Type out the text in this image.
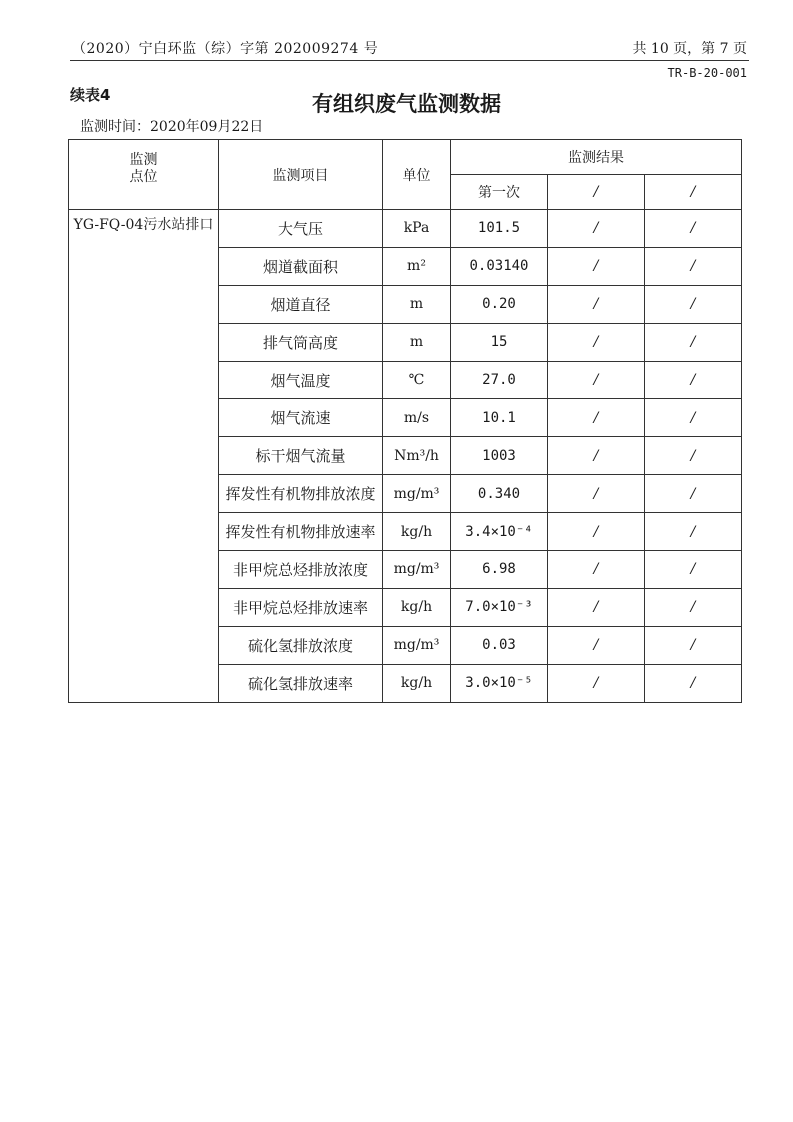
（2020）宁白环监（综）字第 202009274 号	共 10 页，第 7 页
TR-B-20-001
续表4	有组织废气监测数据
监测时间：2020年09月22日
监测
点位	监测项目	单位	监测结果		
			第一次	/	/
YG-FQ-04污水站排口	大气压	kPa	101.5	/	/
	烟道截面积	m²	0.03140	/	/
	烟道直径	m	0.20	/	/
	排气筒高度	m	15	/	/
	烟气温度	℃	27.0	/	/
	烟气流速	m/s	10.1	/	/
	标干烟气流量	Nm³/h	1003	/	/
	挥发性有机物排放浓度	mg/m³	0.340	/	/
	挥发性有机物排放速率	kg/h	3.4×10⁻⁴	/	/
	非甲烷总烃排放浓度	mg/m³	6.98	/	/
	非甲烷总烃排放速率	kg/h	7.0×10⁻³	/	/
	硫化氢排放浓度	mg/m³	0.03	/	/
	硫化氢排放速率	kg/h	3.0×10⁻⁵	/	/
